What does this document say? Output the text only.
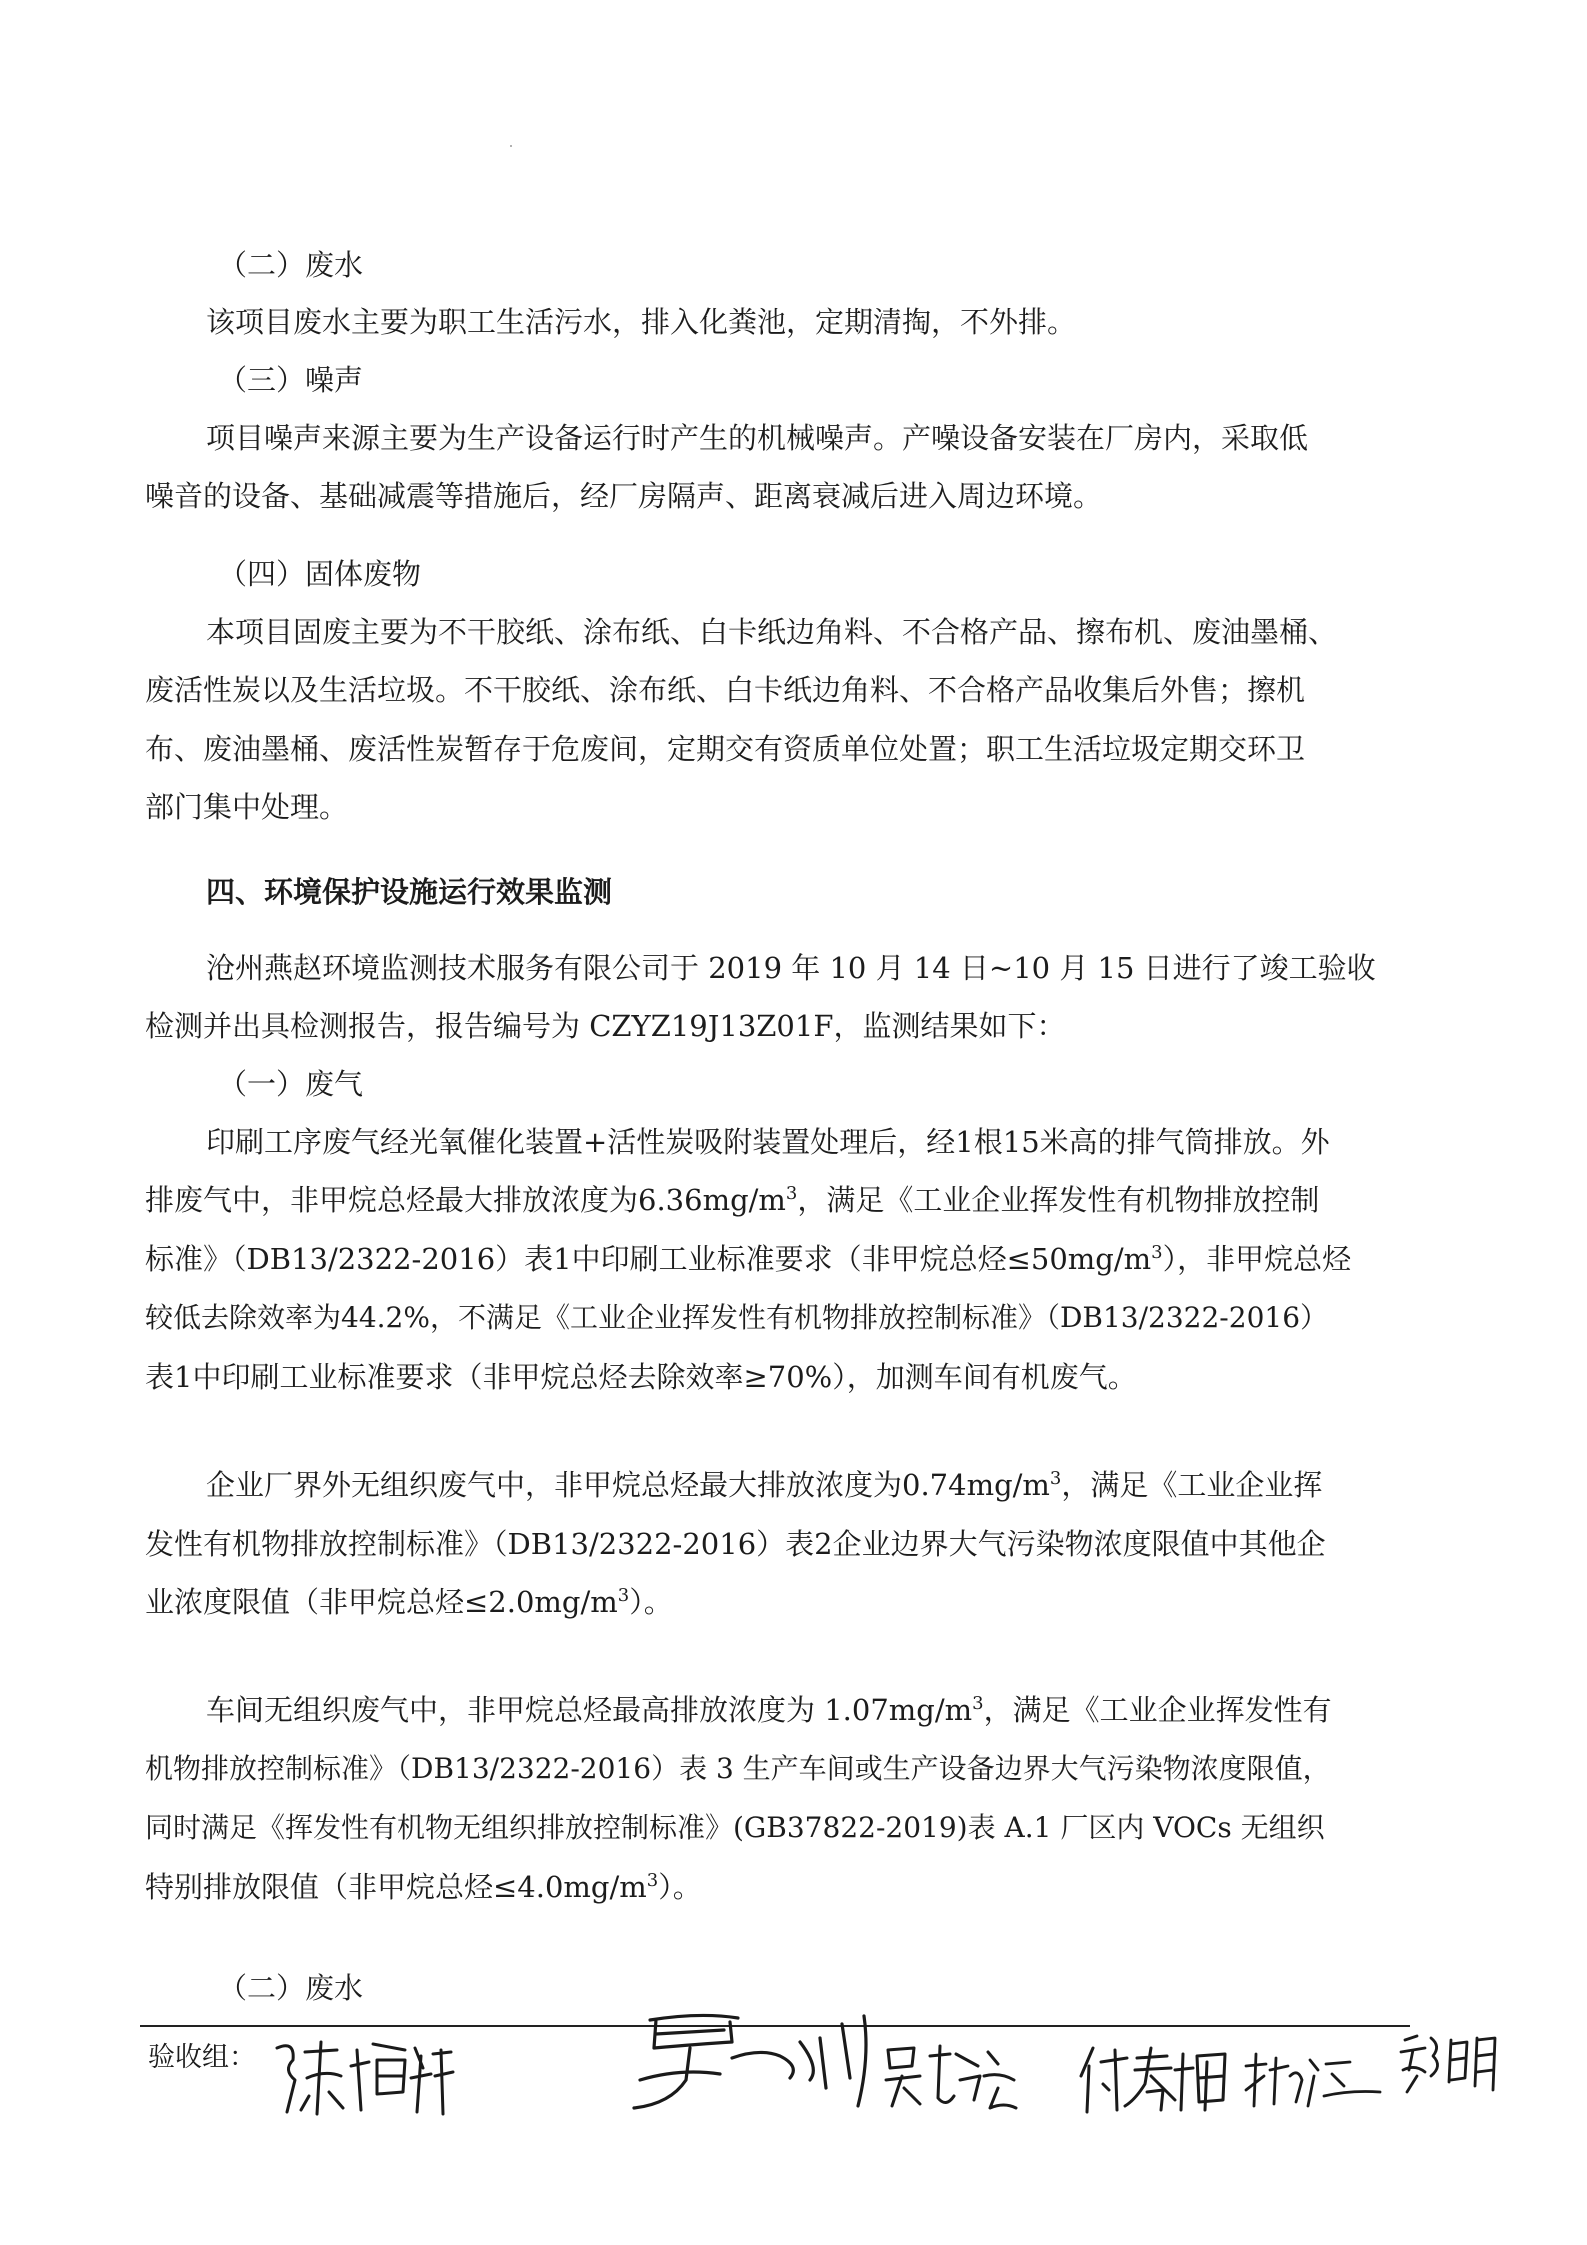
（二）废水
该项目废水主要为职工生活污水，排入化粪池，定期清掏，不外排。
（三）噪声
项目噪声来源主要为生产设备运行时产生的机械噪声。产噪设备安装在厂房内，采取低
噪音的设备、基础减震等措施后，经厂房隔声、距离衰减后进入周边环境。
（四）固体废物
本项目固废主要为不干胶纸、涂布纸、白卡纸边角料、不合格产品、擦布机、废油墨桶、
废活性炭以及生活垃圾。不干胶纸、涂布纸、白卡纸边角料、不合格产品收集后外售；擦机
布、废油墨桶、废活性炭暂存于危废间，定期交有资质单位处置；职工生活垃圾定期交环卫
部门集中处理。
四、环境保护设施运行效果监测
沧州燕赵环境监测技术服务有限公司于 2019 年 10 月 14 日~10 月 15 日进行了竣工验收
检测并出具检测报告，报告编号为 CZYZ19J13Z01F，监测结果如下：
（一）废气
印刷工序废气经光氧催化装置+活性炭吸附装置处理后，经1根15米高的排气筒排放。外
排废气中，非甲烷总烃最大排放浓度为$6.36mg/m^3$，满足《工业企业挥发性有机物排放控制
标准》（DB13/2322-2016）表1中印刷工业标准要求（非甲烷总烃$\le 50mg/m^3$），非甲烷总烃
较低去除效率为44.2%，不满足《工业企业挥发性有机物排放控制标准》（DB13/2322-2016）
表1中印刷工业标准要求（非甲烷总烃去除效率≥70%），加测车间有机废气。
企业厂界外无组织废气中，非甲烷总烃最大排放浓度为$0.74mg/m^3$，满足《工业企业挥
发性有机物排放控制标准》（DB13/2322-2016）表2企业边界大气污染物浓度限值中其他企
业浓度限值（非甲烷总烃$\le 2.0mg/m^3$）。
车间无组织废气中，非甲烷总烃最高排放浓度为 $1.07mg/m^3$，满足《工业企业挥发性有
机物排放控制标准》（DB13/2322-2016）表 3 生产车间或生产设备边界大气污染物浓度限值，
同时满足《挥发性有机物无组织排放控制标准》(GB37822-2019)表 A.1 厂区内 VOCs 无组织
特别排放限值（非甲烷总烃$\le 4.0mg/m^3$）。
（二）废水
验收组：
